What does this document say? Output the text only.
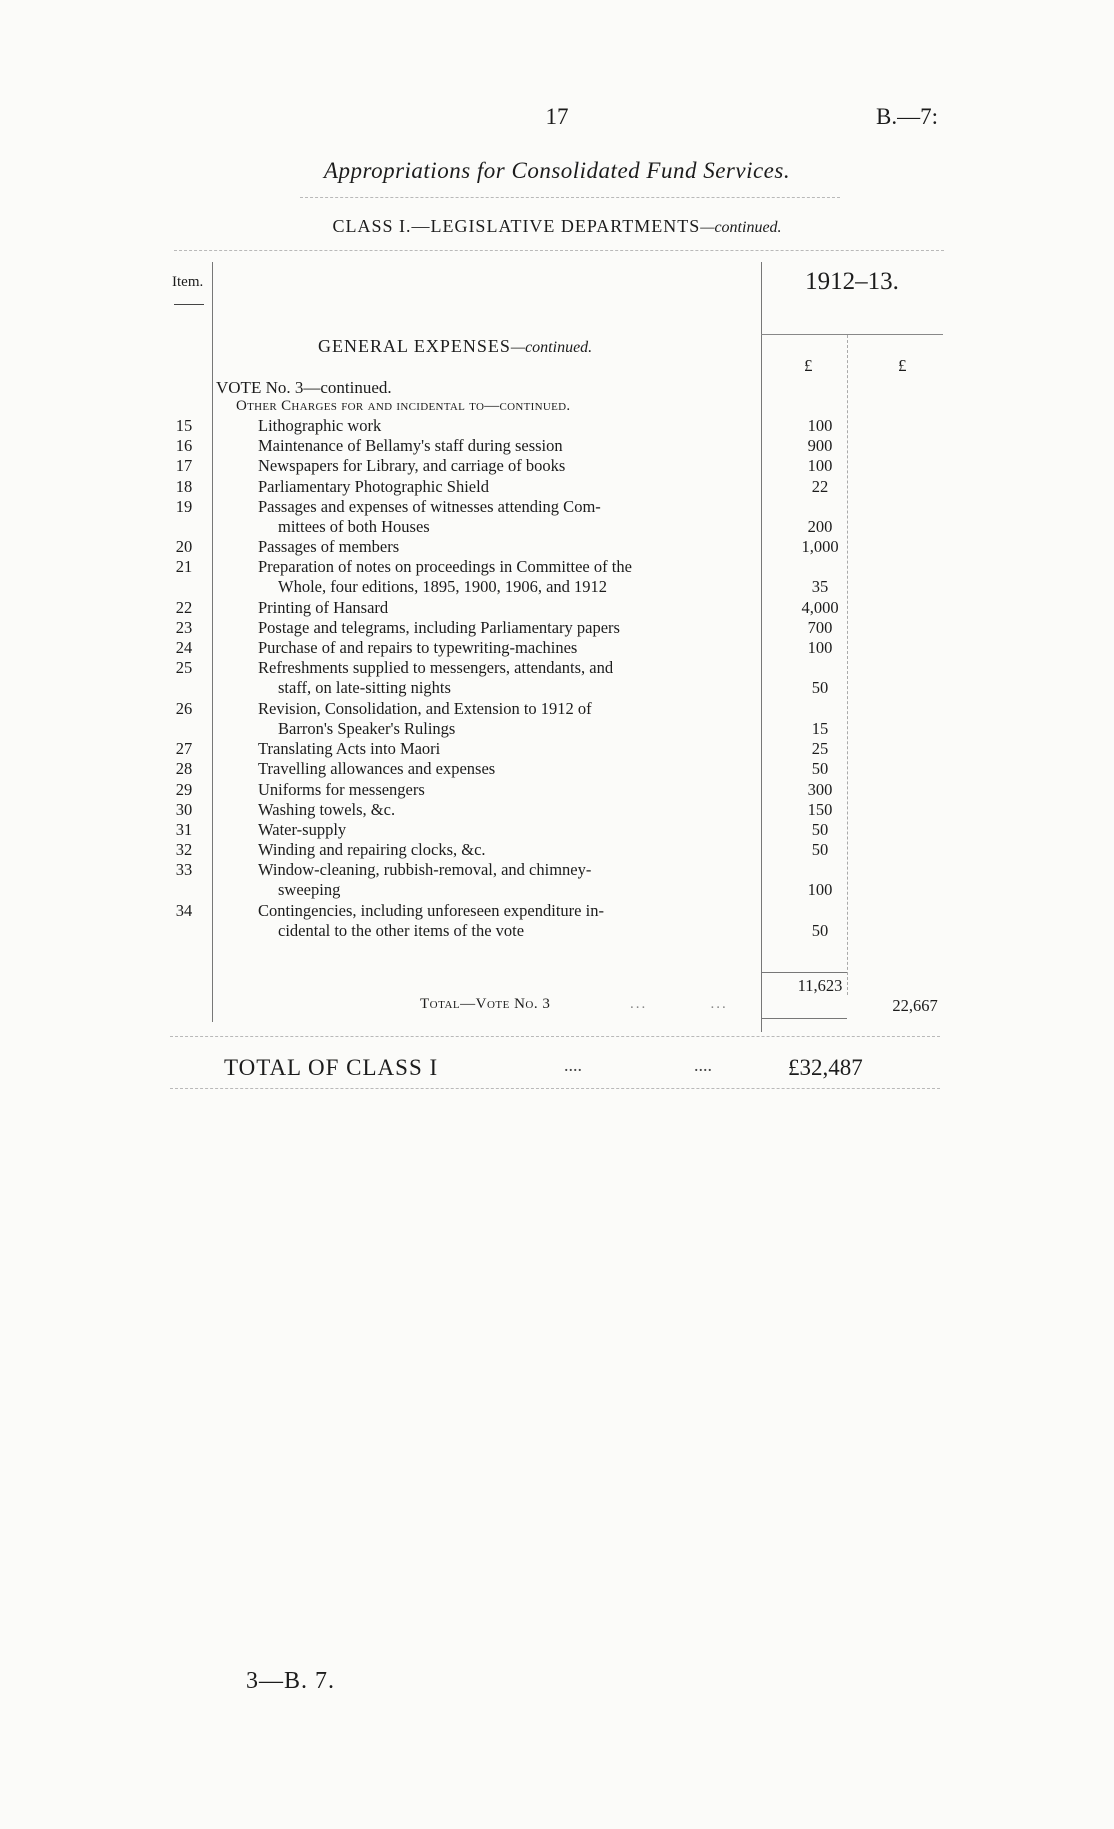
17	B.—7:
Appropriations for Consolidated Fund Services.
CLASS I.—LEGISLATIVE DEPARTMENTS—continued.
Item.	1912–13.
£	£
GENERAL EXPENSES—continued.
VOTE No. 3—continued.
Other Charges for and incidental to—continued.
15	Lithographic work	100
16	Maintenance of Bellamy's staff during session	900
17	Newspapers for Library, and carriage of books	100
18	Parliamentary Photographic Shield	22
19	Passages and expenses of witnesses attending Com-
mittees of both Houses	200
20	Passages of members	1,000
21	Preparation of notes on proceedings in Committee of the
Whole, four editions, 1895, 1900, 1906, and 1912	35
22	Printing of Hansard	4,000
23	Postage and telegrams, including Parliamentary papers	700
24	Purchase of and repairs to typewriting-machines	100
25	Refreshments supplied to messengers, attendants, and
staff, on late-sitting nights	50
26	Revision, Consolidation, and Extension to 1912 of
Barron's Speaker's Rulings	15
27	Translating Acts into Maori	25
28	Travelling allowances and expenses	50
29	Uniforms for messengers	300
30	Washing towels, &c.	150
31	Water-supply	50
32	Winding and repairing clocks, &c.	50
33	Window-cleaning, rubbish-removal, and chimney-
sweeping	100
34	Contingencies, including unforeseen expenditure in-
cidental to the other items of the vote	50
11,623
Total—Vote No. 3	...           ...	22,667
TOTAL OF CLASS I	....	....	£32,487
3—B. 7.
